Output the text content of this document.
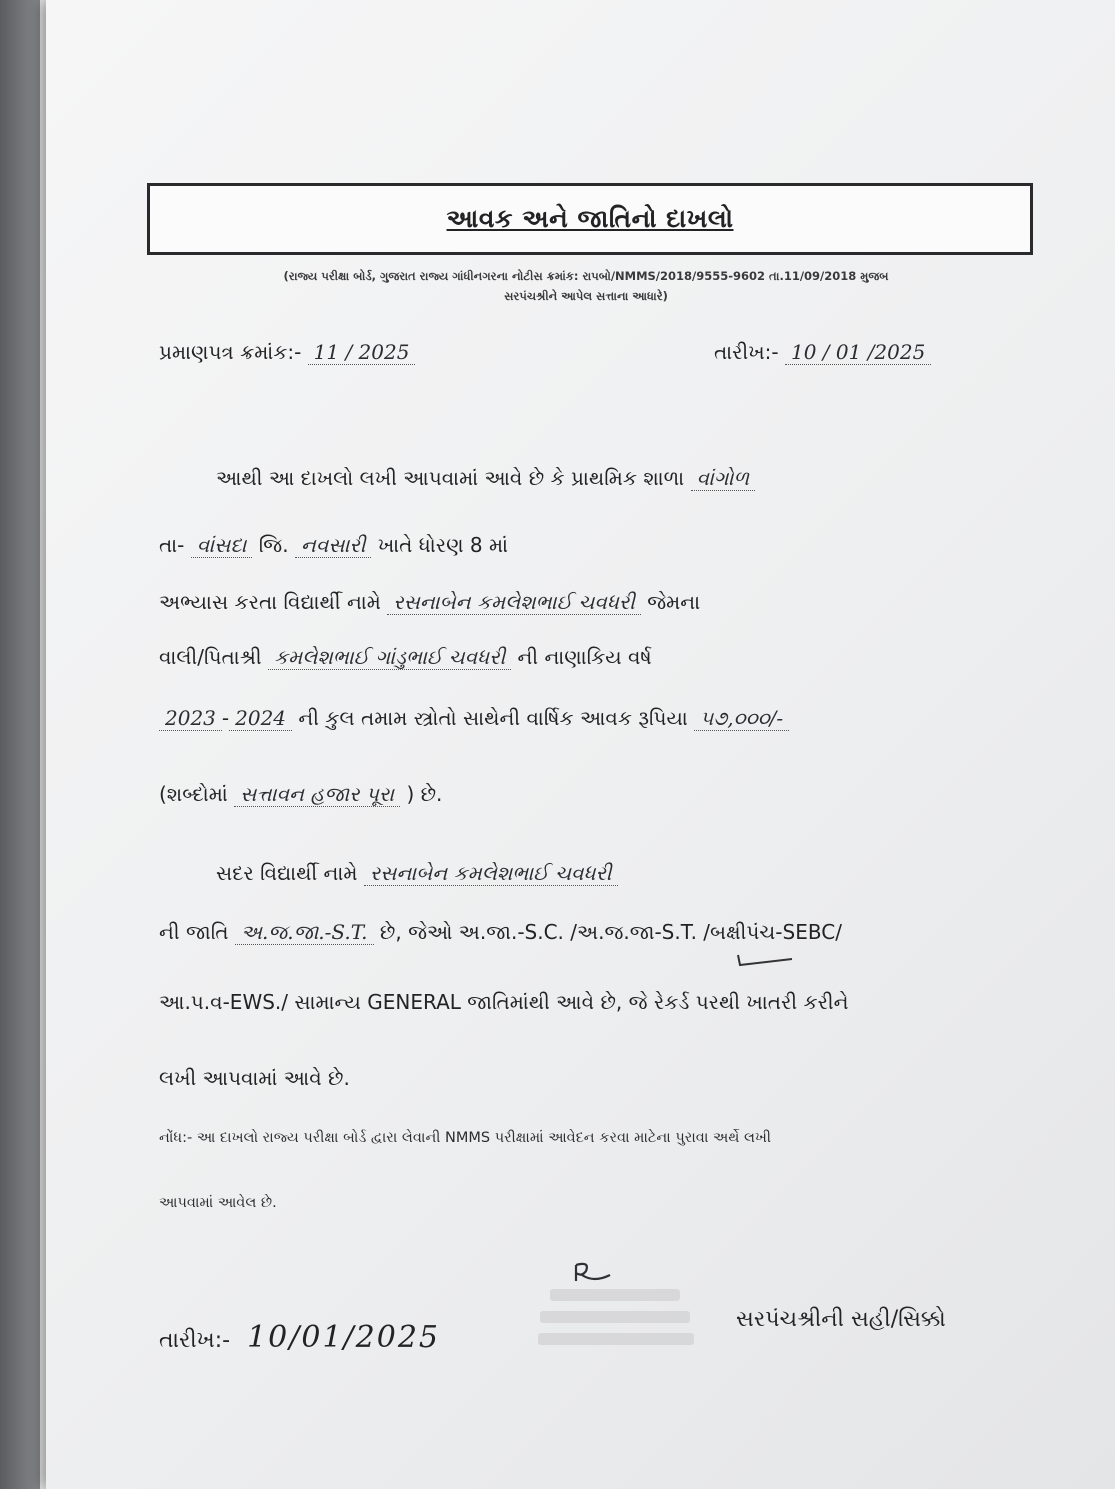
આવક અને જાતિનો દાખલો
(રાજ્ય પરીક્ષા બોર્ડ, ગુજરાત રાજ્ય ગાંધીનગરના નોટીસ ક્રમાંક: રાપબો/NMMS/2018/9555-9602 તા.11/09/2018 મુજબ
સરપંચશ્રીને આપેલ સત્તાના આધારે)
પ્રમાણપત્ર ક્રમાંક:- 11 / 2025	તારીખ:- 10 / 01 /2025
આથી આ દાખલો લખી આપવામાં આવે છે કે પ્રાથમિક શાળા વાંગોળ
તા- વાંસદા જિ. નવસારી ખાતે ધોરણ 8 માં
અભ્યાસ કરતા વિદ્યાર્થી નામે રસનાબેન કમલેશભાઈ ચવધરી જેમના
વાલી/પિતાશ્રી કમલેશભાઈ ગાંડુભાઈ ચવધરી ની નાણાકિય વર્ષ
2023 - 2024 ની કુલ તમામ સ્ત્રોતો સાથેની વાર્ષિક આવક રૂપિયા ૫૭,૦૦૦/-
(શબ્દોમાં સત્તાવન હજાર પૂરા ) છે.
સદર વિદ્યાર્થી નામે રસનાબેન કમલેશભાઈ ચવધરી
ની જાતિ અ.જ.જા.-S.T. છે, જેઓ અ.જા.-S.C. /અ.જ.જા-S.T. /બક્ષીપંચ-SEBC/
આ.પ.વ-EWS./ સામાન્ય GENERAL જાતિમાંથી આવે છે, જે રેકર્ડ પરથી ખાતરી કરીને
લખી આપવામાં આવે છે.
નોંધ:- આ દાખલો રાજ્ય પરીક્ષા બોર્ડ દ્વારા લેવાની NMMS પરીક્ષામાં આવેદન કરવા માટેના પુરાવા અર્થે લખી
આપવામાં આવેલ છે.
તારીખ:- 10/01/2025
સરપંચશ્રીની સહી/સિક્કો
